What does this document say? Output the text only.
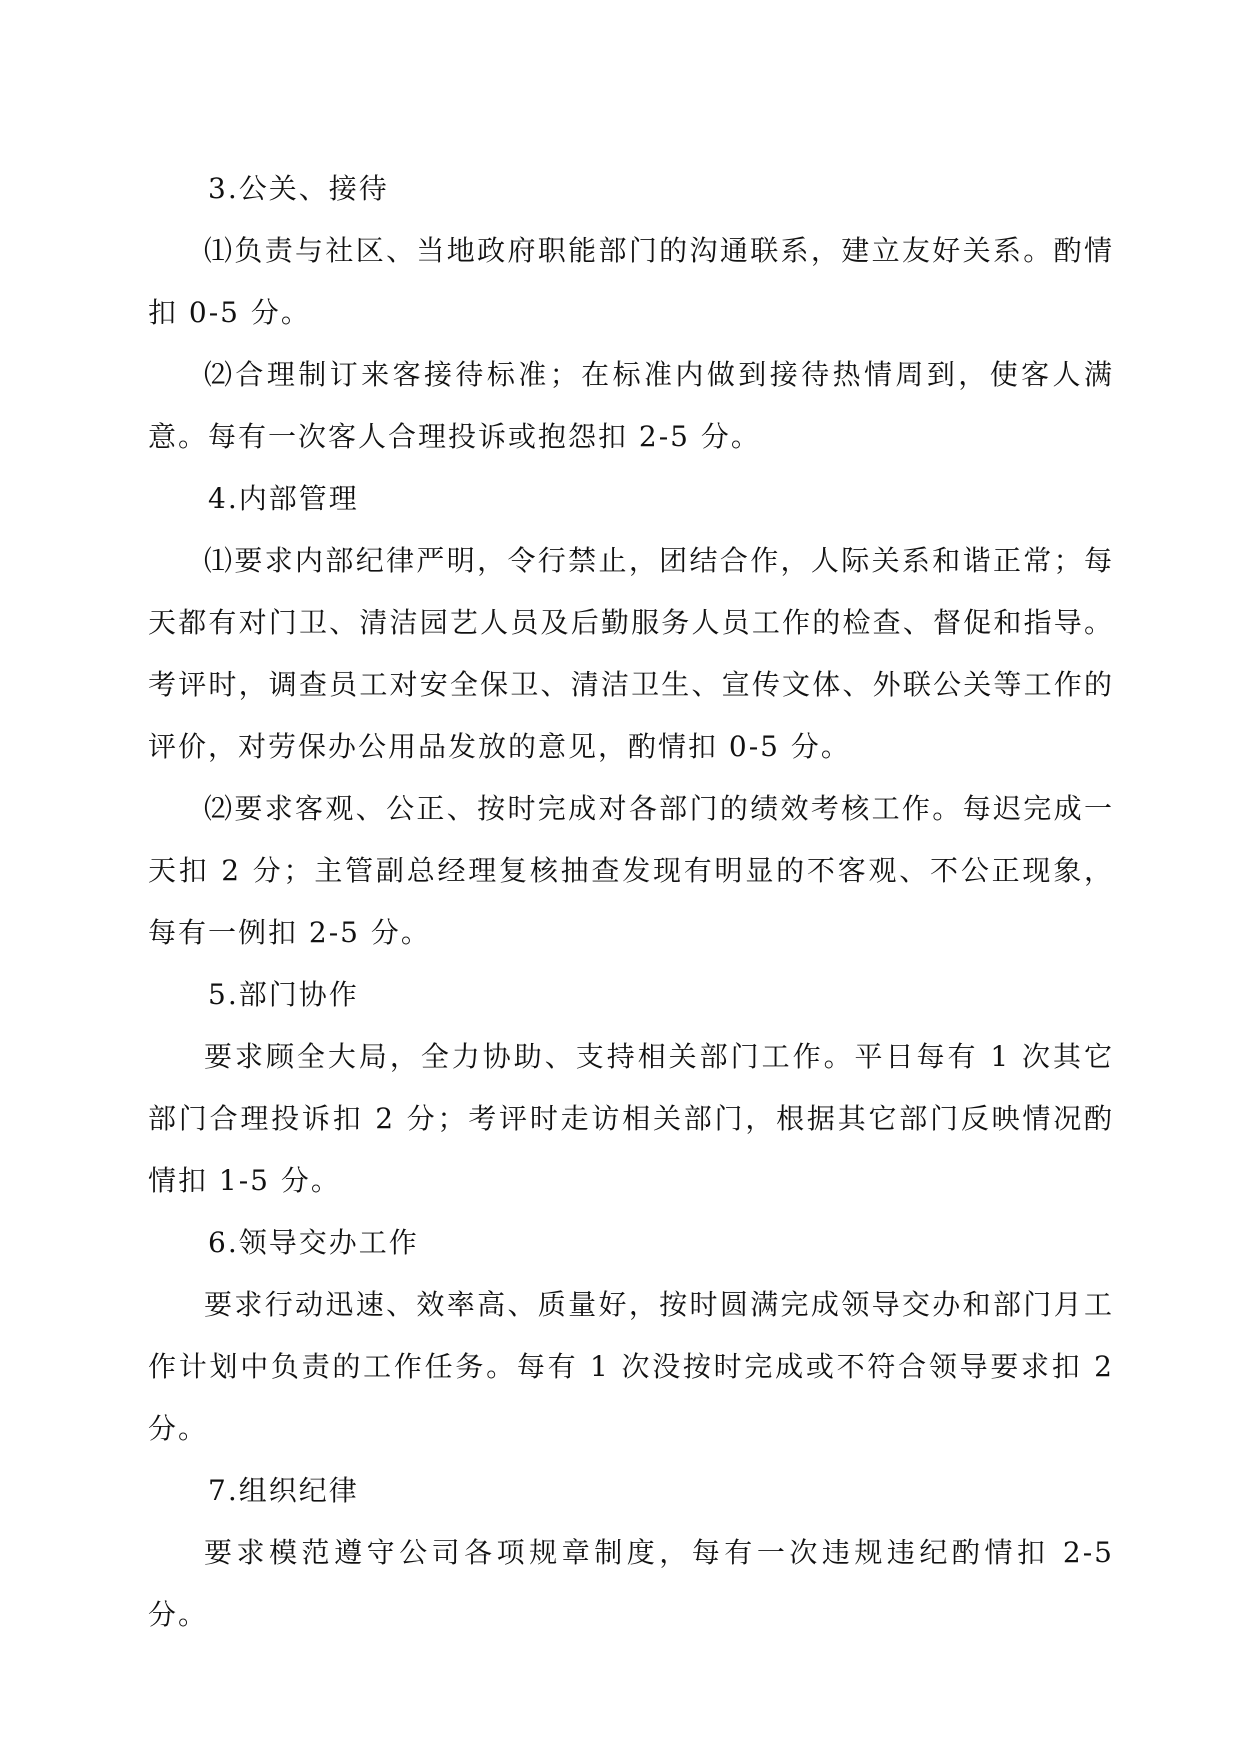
3.公关、接待

⑴负责与社区、当地政府职能部门的沟通联系，建立友好关系。酌情扣 0-5 分。

⑵合理制订来客接待标准；在标准内做到接待热情周到，使客人满意。每有一次客人合理投诉或抱怨扣 2-5 分。

4.内部管理

⑴要求内部纪律严明，令行禁止，团结合作，人际关系和谐正常；每天都有对门卫、清洁园艺人员及后勤服务人员工作的检查、督促和指导。考评时，调查员工对安全保卫、清洁卫生、宣传文体、外联公关等工作的评价，对劳保办公用品发放的意见，酌情扣 0-5 分。

⑵要求客观、公正、按时完成对各部门的绩效考核工作。每迟完成一天扣 2 分；主管副总经理复核抽查发现有明显的不客观、不公正现象，每有一例扣 2-5 分。

5.部门协作

要求顾全大局，全力协助、支持相关部门工作。平日每有 1 次其它部门合理投诉扣 2 分；考评时走访相关部门，根据其它部门反映情况酌情扣 1-5 分。

6.领导交办工作

要求行动迅速、效率高、质量好，按时圆满完成领导交办和部门月工作计划中负责的工作任务。每有 1 次没按时完成或不符合领导要求扣 2 分。

7.组织纪律

要求模范遵守公司各项规章制度，每有一次违规违纪酌情扣 2-5 分。
